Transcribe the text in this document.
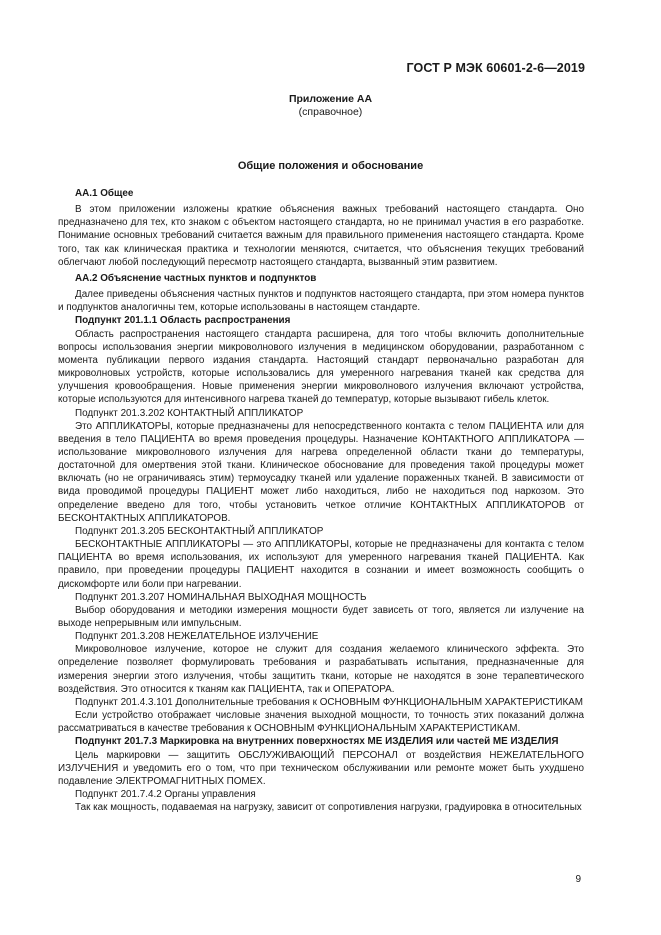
ГОСТ Р МЭК 60601-2-6—2019
Приложение АА
(справочное)
Общие положения и обоснование

АА.1 Общее

В этом приложении изложены краткие объяснения важных требований настоящего стандарта. Оно предназначено для тех, кто знаком с объектом настоящего стандарта, но не принимал участия в его разработке. Понимание основных требований считается важным для правильного применения настоящего стандарта. Кроме того, так как клиническая практика и технологии меняются, считается, что объяснения текущих требований облегчают любой последующий пересмотр настоящего стандарта, вызванный этим развитием.

АА.2 Объяснение частных пунктов и подпунктов

Далее приведены объяснения частных пунктов и подпунктов настоящего стандарта, при этом номера пунктов и подпунктов аналогичны тем, которые использованы в настоящем стандарте.

Подпункт 201.1.1 Область распространения

Область распространения настоящего стандарта расширена, для того чтобы включить дополнительные вопросы использования энергии микроволнового излучения в медицинском оборудовании, разработанном с момента публикации первого издания стандарта. Настоящий стандарт первоначально разработан для микроволновых устройств, которые использовались для умеренного нагревания тканей как средства для улучшения кровообращения. Новые применения энергии микроволнового излучения включают устройства, которые используются для интенсивного нагрева тканей до температур, которые вызывают гибель клеток.

Подпункт 201.3.202 КОНТАКТНЫЙ АППЛИКАТОР

Это АППЛИКАТОРЫ, которые предназначены для непосредственного контакта с телом ПАЦИЕНТА или для введения в тело ПАЦИЕНТА во время проведения процедуры. Назначение КОНТАКТНОГО АППЛИКАТОРА — использование микроволнового излучения для нагрева определенной области ткани до температуры, достаточной для омертвения этой ткани. Клиническое обоснование для проведения такой процедуры может включать (но не ограничиваясь этим) термоусадку тканей или удаление пораженных тканей. В зависимости от вида проводимой процедуры ПАЦИЕНТ может либо находиться, либо не находиться под наркозом. Это определение введено для того, чтобы установить четкое отличие КОНТАКТНЫХ АППЛИКАТОРОВ от БЕСКОНТАКТНЫХ АППЛИКАТОРОВ.

Подпункт 201.3.205 БЕСКОНТАКТНЫЙ АППЛИКАТОР

БЕСКОНТАКТНЫЕ АППЛИКАТОРЫ — это АППЛИКАТОРЫ, которые не предназначены для контакта с телом ПАЦИЕНТА во время использования, их используют для умеренного нагревания тканей ПАЦИЕНТА. Как правило, при проведении процедуры ПАЦИЕНТ находится в сознании и имеет возможность сообщить о дискомфорте или боли при нагревании.

Подпункт 201.3.207 НОМИНАЛЬНАЯ ВЫХОДНАЯ МОЩНОСТЬ

Выбор оборудования и методики измерения мощности будет зависеть от того, является ли излучение на выходе непрерывным или импульсным.

Подпункт 201.3.208 НЕЖЕЛАТЕЛЬНОЕ ИЗЛУЧЕНИЕ

Микроволновое излучение, которое не служит для создания желаемого клинического эффекта. Это определение позволяет формулировать требования и разрабатывать испытания, предназначенные для измерения энергии этого излучения, чтобы защитить ткани, которые не находятся в зоне терапевтического воздействия. Это относится к тканям как ПАЦИЕНТА, так и ОПЕРАТОРА.

Подпункт 201.4.3.101 Дополнительные требования к ОСНОВНЫМ ФУНКЦИОНАЛЬНЫМ ХАРАКТЕРИСТИКАМ

Если устройство отображает числовые значения выходной мощности, то точность этих показаний должна рассматриваться в качестве требования к ОСНОВНЫМ ФУНКЦИОНАЛЬНЫМ ХАРАКТЕРИСТИКАМ.

Подпункт 201.7.3 Маркировка на внутренних поверхностях МЕ ИЗДЕЛИЯ или частей МЕ ИЗДЕЛИЯ

Цель маркировки — защитить ОБСЛУЖИВАЮЩИЙ ПЕРСОНАЛ от воздействия НЕЖЕЛАТЕЛЬНОГО ИЗЛУЧЕНИЯ и уведомить его о том, что при техническом обслуживании или ремонте может быть ухудшено подавление ЭЛЕКТРОМАГНИТНЫХ ПОМЕХ.

Подпункт 201.7.4.2 Органы управления

Так как мощность, подаваемая на нагрузку, зависит от сопротивления нагрузки, градуировка в относительных

9
